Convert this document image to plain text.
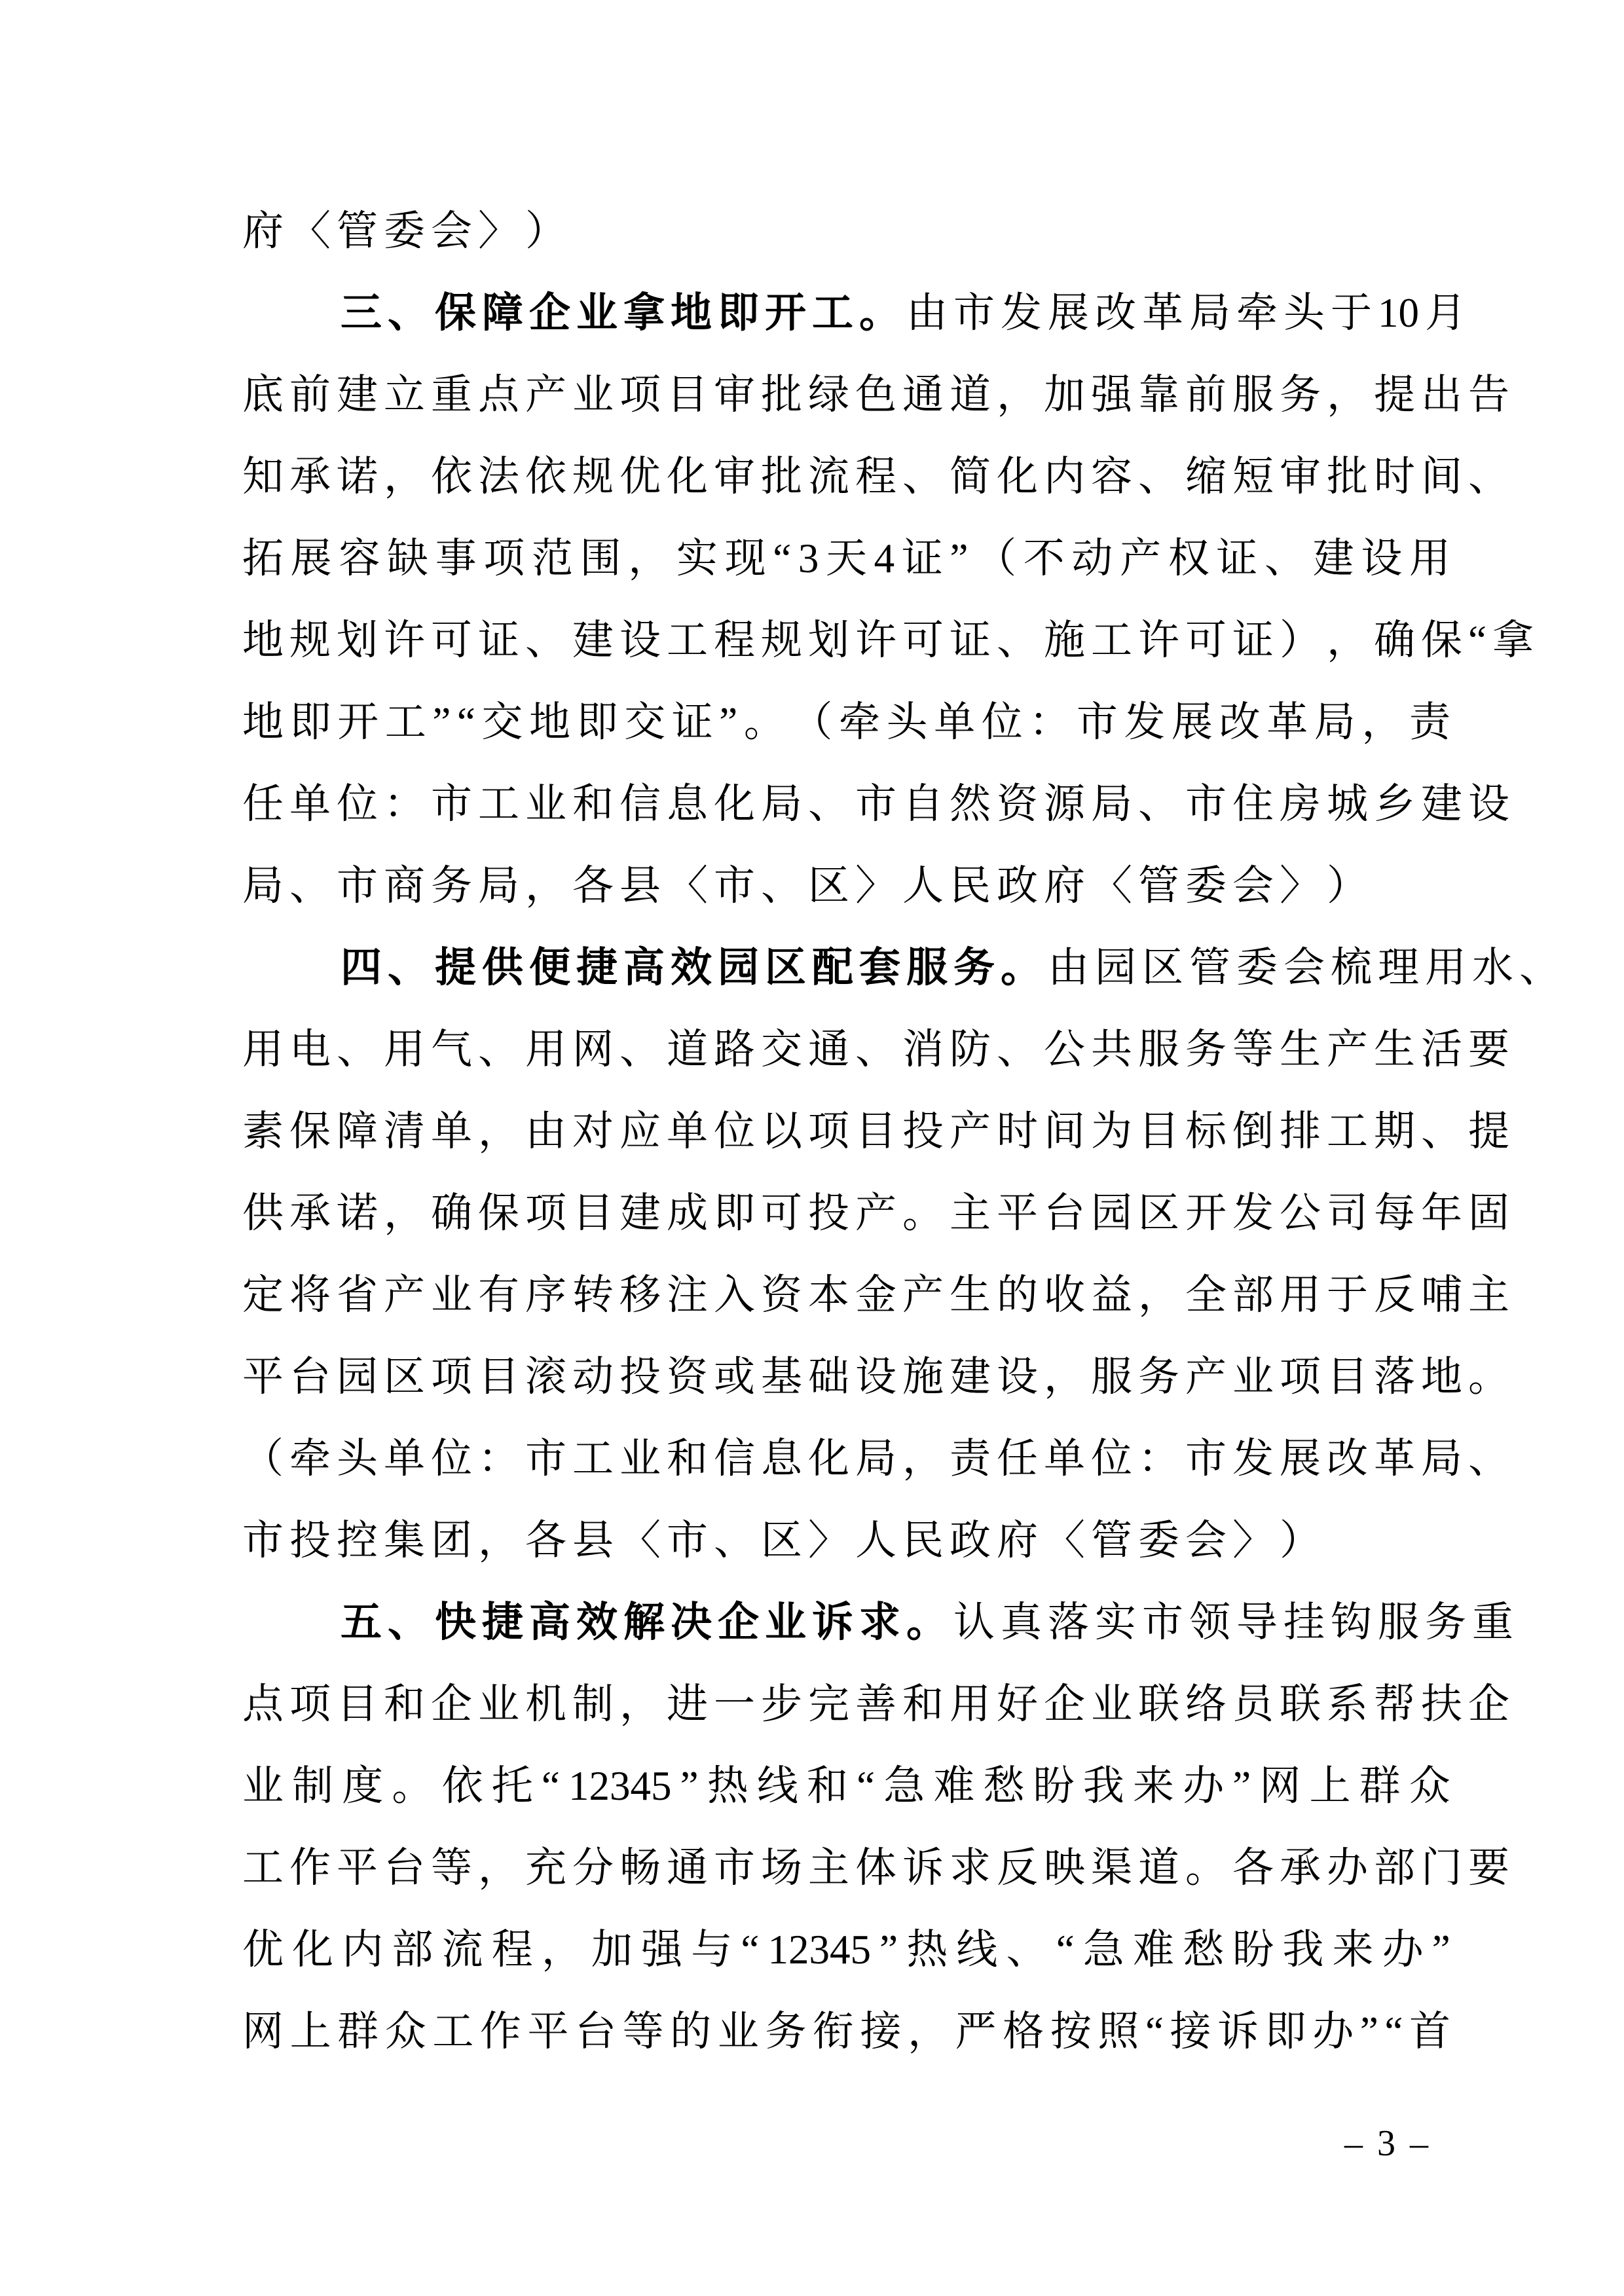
府 〈 管 委 会 〉 ）
三 、 保 障 企 业 拿 地 即 开 工 。 由 市 发 展 改 革 局 牵 头 于 10 月
底 前 建 立 重 点 产 业 项 目 审 批 绿 色 通 道 ， 加 强 靠 前 服 务 ， 提 出 告
知 承 诺 ， 依 法 依 规 优 化 审 批 流 程 、 简 化 内 容 、 缩 短 审 批 时 间 、
拓 展 容 缺 事 项 范 围 ， 实 现 “ 3 天 4 证 ” （ 不 动 产 权 证 、 建 设 用
地 规 划 许 可 证 、 建 设 工 程 规 划 许 可 证 、 施 工 许 可 证 ） ， 确 保 “ 拿
地 即 开 工 ” “ 交 地 即 交 证 ” 。 （ 牵 头 单 位 ： 市 发 展 改 革 局 ， 责
任 单 位 ： 市 工 业 和 信 息 化 局 、 市 自 然 资 源 局 、 市 住 房 城 乡 建 设
局 、 市 商 务 局 ， 各 县 〈 市 、 区 〉 人 民 政 府 〈 管 委 会 〉 ）
四 、 提 供 便 捷 高 效 园 区 配 套 服 务 。 由 园 区 管 委 会 梳 理 用 水 、
用 电 、 用 气 、 用 网 、 道 路 交 通 、 消 防 、 公 共 服 务 等 生 产 生 活 要
素 保 障 清 单 ， 由 对 应 单 位 以 项 目 投 产 时 间 为 目 标 倒 排 工 期 、 提
供 承 诺 ， 确 保 项 目 建 成 即 可 投 产 。 主 平 台 园 区 开 发 公 司 每 年 固
定 将 省 产 业 有 序 转 移 注 入 资 本 金 产 生 的 收 益 ， 全 部 用 于 反 哺 主
平 台 园 区 项 目 滚 动 投 资 或 基 础 设 施 建 设 ， 服 务 产 业 项 目 落 地 。
（ 牵 头 单 位 ： 市 工 业 和 信 息 化 局 ， 责 任 单 位 ： 市 发 展 改 革 局 、
市 投 控 集 团 ， 各 县 〈 市 、 区 〉 人 民 政 府 〈 管 委 会 〉 ）
五 、 快 捷 高 效 解 决 企 业 诉 求 。 认 真 落 实 市 领 导 挂 钩 服 务 重
点 项 目 和 企 业 机 制 ， 进 一 步 完 善 和 用 好 企 业 联 络 员 联 系 帮 扶 企
业 制 度 。 依 托 “ 12345 ” 热 线 和 “ 急 难 愁 盼 我 来 办 ” 网 上 群 众
工 作 平 台 等 ， 充 分 畅 通 市 场 主 体 诉 求 反 映 渠 道 。 各 承 办 部 门 要
优 化 内 部 流 程 ， 加 强 与 “ 12345 ” 热 线 、 “ 急 难 愁 盼 我 来 办 ”
网 上 群 众 工 作 平 台 等 的 业 务 衔 接 ， 严 格 按 照 “ 接 诉 即 办 ” “ 首
– 3 –
